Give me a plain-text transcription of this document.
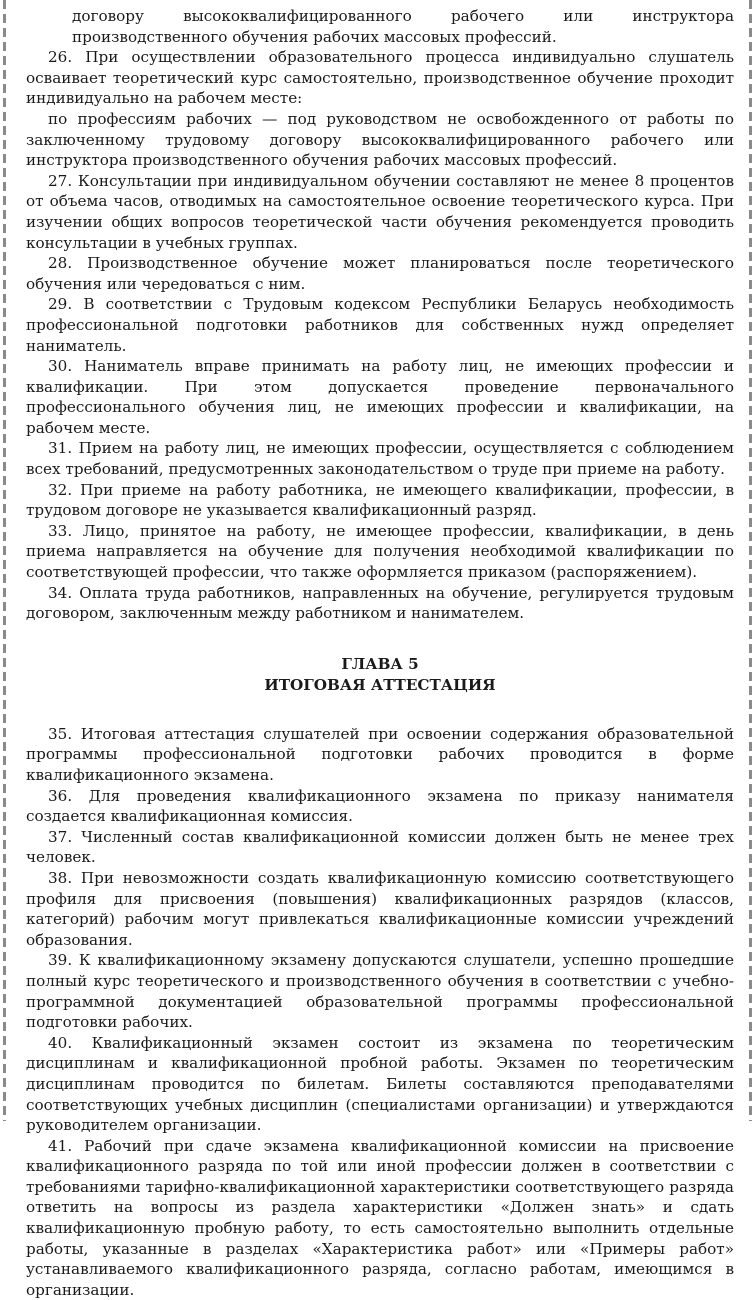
договору высококвалифицированного рабочего или инструктора производственного обучения рабочих массовых профессий.

26. При осуществлении образовательного процесса индивидуально слушатель осваивает теоретический курс самостоятельно, производственное обучение проходит индивидуально на рабочем месте:

по профессиям рабочих — под руководством не освобожденного от работы по заключенному трудовому договору высококвалифицированного рабочего или инструктора производственного обучения рабочих массовых профессий.

27. Консультации при индивидуальном обучении составляют не менее 8 процентов от объема часов, отводимых на самостоятельное освоение теоретического курса. При изучении общих вопросов теоретической части обучения рекомендуется проводить консультации в учебных группах.

28. Производственное обучение может планироваться после теоретического обучения или чередоваться с ним.

29. В соответствии с Трудовым кодексом Республики Беларусь необходимость профессиональной подготовки работников для собственных нужд определяет наниматель.

30. Наниматель вправе принимать на работу лиц, не имеющих профессии и квалификации. При этом допускается проведение первоначального профессионального обучения лиц, не имеющих профессии и квалификации, на рабочем месте.

31. Прием на работу лиц, не имеющих профессии, осуществляется с соблюдением всех требований, предусмотренных законодательством о труде при приеме на работу.

32. При приеме на работу работника, не имеющего квалификации, профессии, в трудовом договоре не указывается квалификационный разряд.

33. Лицо, принятое на работу, не имеющее профессии, квалификации, в день приема направляется на обучение для получения необходимой квалификации по соответствующей профессии, что также оформляется приказом (распоряжением).

34. Оплата труда работников, направленных на обучение, регулируется трудовым договором, заключенным между работником и нанимателем.

ГЛАВА 5
ИТОГОВАЯ АТТЕСТАЦИЯ

35. Итоговая аттестация слушателей при освоении содержания образовательной программы профессиональной подготовки рабочих проводится в форме квалификационного экзамена.

36. Для проведения квалификационного экзамена по приказу нанимателя создается квалификационная комиссия.

37. Численный состав квалификационной комиссии должен быть не менее трех человек.

38. При невозможности создать квалификационную комиссию соответствующего профиля для присвоения (повышения) квалификационных разрядов (классов, категорий) рабочим могут привлекаться квалификационные комиссии учреждений образования.

39. К квалификационному экзамену допускаются слушатели, успешно прошедшие полный курс теоретического и производственного обучения в соответствии с учебно-программной документацией образовательной программы профессиональной подготовки рабочих.

40. Квалификационный экзамен состоит из экзамена по теоретическим дисциплинам и квалификационной пробной работы. Экзамен по теоретическим дисциплинам проводится по билетам. Билеты составляются преподавателями соответствующих учебных дисциплин (специалистами организации) и утверждаются руководителем организации.

41. Рабочий при сдаче экзамена квалификационной комиссии на присвоение квалификационного разряда по той или иной профессии должен в соответствии с требованиями тарифно-квалификационной характеристики соответствующего разряда ответить на вопросы из раздела характеристики «Должен знать» и сдать квалификационную пробную работу, то есть самостоятельно выполнить отдельные работы, указанные в разделах «Характеристика работ» или «Примеры работ» устанавливаемого квалификационного разряда, согласно работам, имеющимся в организации.
